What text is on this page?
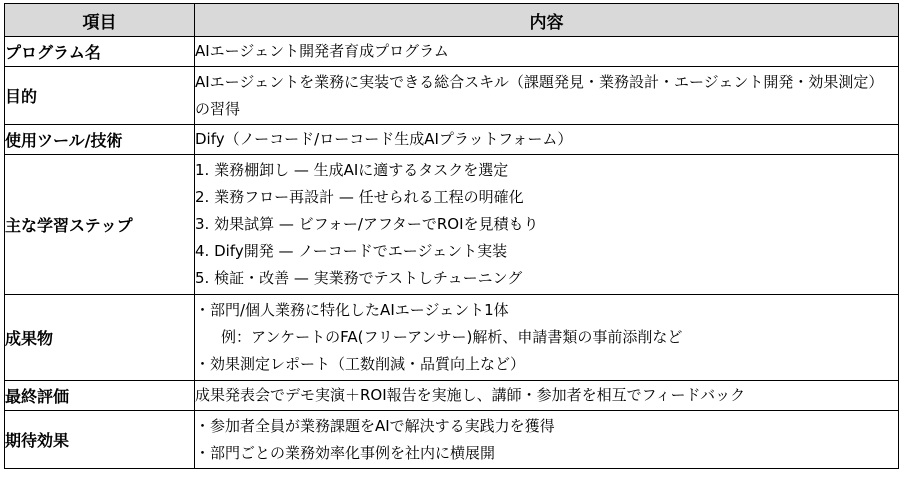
項目	内容
プログラム名	AIエージェント開発者育成プログラム

目的	AIエージェントを業務に実装できる総合スキル（課題発見・業務設計・エージェント開発・効果測定）の習得

使用ツール/技術	Dify（ノーコード/ローコード生成AIプラットフォーム）

主な学習ステップ	1. 業務棚卸し — 生成AIに適するタスクを選定
2. 業務フロー再設計 — 任せられる工程の明確化
3. 効果試算 — ビフォー/アフターでROIを見積もり
4. Dify開発 — ノーコードでエージェント実装
5. 検証・改善 — 実業務でテストしチューニング

成果物	・部門/個人業務に特化したAIエージェント1体
例：アンケートのFA(フリーアンサー)解析、申請書類の事前添削など
・効果測定レポート（工数削減・品質向上など）

最終評価	成果発表会でデモ実演＋ROI報告を実施し、講師・参加者を相互でフィードバック

期待効果	・参加者全員が業務課題をAIで解決する実践力を獲得
・部門ごとの業務効率化事例を社内に横展開
